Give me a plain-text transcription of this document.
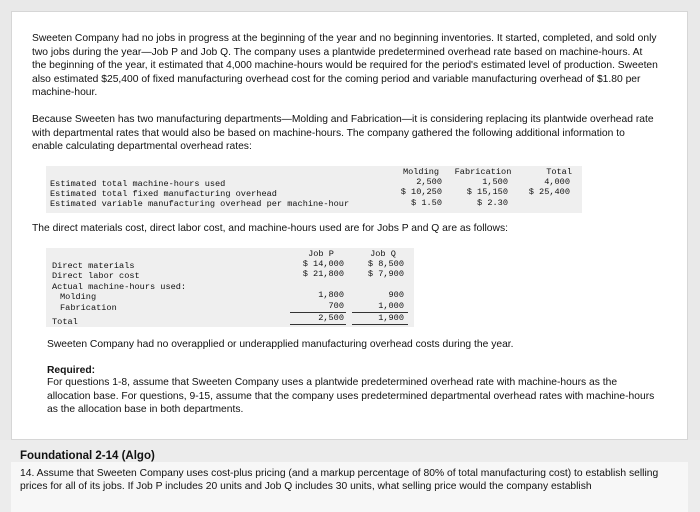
Sweeten Company had no jobs in progress at the beginning of the year and no beginning inventories. It started, completed, and sold only two jobs during the year—Job P and Job Q. The company uses a plantwide predetermined overhead rate based on machine-hours. At the beginning of the year, it estimated that 4,000 machine-hours would be required for the period's estimated level of production. Sweeten also estimated $25,400 of fixed manufacturing overhead cost for the coming period and variable manufacturing overhead of $1.80 per machine-hour.

Because Sweeten has two manufacturing departments—Molding and Fabrication—it is considering replacing its plantwide overhead rate with departmental rates that would also be based on machine-hours. The company gathered the following additional information to enable calculating departmental overhead rates:

Molding	Fabrication	Total
Estimated total machine-hours used	2,500	1,500	4,000
Estimated total fixed manufacturing overhead	$ 10,250	$ 15,150	$ 25,400
Estimated variable manufacturing overhead per machine-hour	$ 1.50	$ 2.30

The direct materials cost, direct labor cost, and machine-hours used are for Jobs P and Q are as follows:

Job P	Job Q
Direct materials	$ 14,000	$ 8,500
Direct labor cost	$ 21,800	$ 7,900
Actual machine-hours used:
Molding	1,800	900
Fabrication	700	1,000
Total	2,500	1,900

Sweeten Company had no overapplied or underapplied manufacturing overhead costs during the year.

Required:

For questions 1-8, assume that Sweeten Company uses a plantwide predetermined overhead rate with machine-hours as the allocation base. For questions, 9-15, assume that the company uses predetermined departmental overhead rates with machine-hours as the allocation base in both departments.

Foundational 2-14 (Algo)

14. Assume that Sweeten Company uses cost-plus pricing (and a markup percentage of 80% of total manufacturing cost) to establish selling prices for all of its jobs. If Job P includes 20 units and Job Q includes 30 units, what selling price would the company establish
